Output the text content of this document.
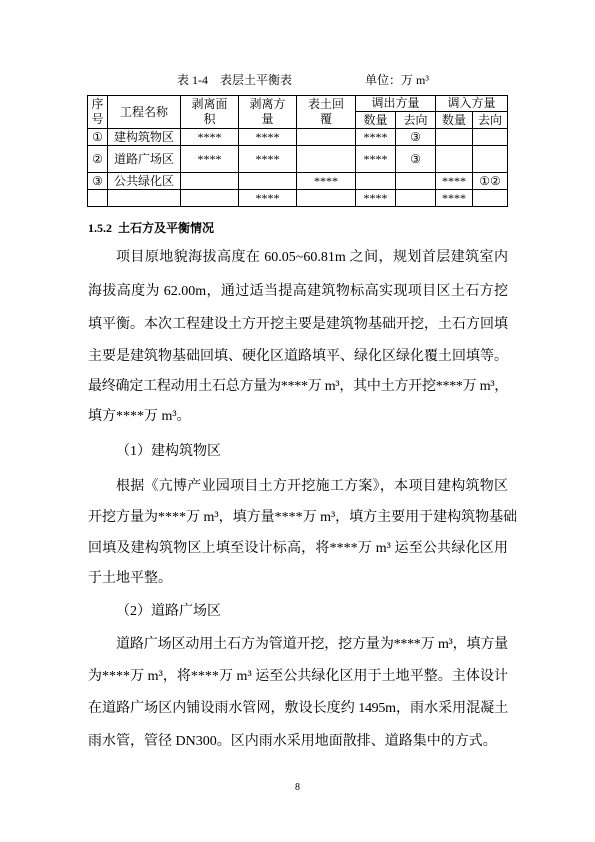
表 1-4　表层土平衡表	单位：万 m³
序号	工程名称	剥离面积	剥离方量	表土回覆	调出方量		调入方量	
					数量	去向	数量	去向
①	建构筑物区	****	****		****	③		
②	道路广场区	****	****		****	③		
③	公共绿化区			****			****	①②
			****		****		****	
1.5.2 土石方及平衡情况
项目原地貌海拔高度在 60.05~60.81m 之间，规划首层建筑室内
海拔高度为 62.00m，通过适当提高建筑物标高实现项目区土石方挖
填平衡。本次工程建设土方开挖主要是建筑物基础开挖，土石方回填
主要是建筑物基础回填、硬化区道路填平、绿化区绿化覆土回填等。
最终确定工程动用土石总方量为****万 m³，其中土方开挖****万 m³，
填方****万 m³。
（1）建构筑物区
根据《亢博产业园项目土方开挖施工方案》，本项目建构筑物区
开挖方量为****万 m³，填方量****万 m³，填方主要用于建构筑物基础
回填及建构筑物区上填至设计标高，将****万 m³ 运至公共绿化区用
于土地平整。
（2）道路广场区
道路广场区动用土石方为管道开挖，挖方量为****万 m³，填方量
为****万 m³，将****万 m³ 运至公共绿化区用于土地平整。主体设计
在道路广场区内铺设雨水管网，敷设长度约 1495m，雨水采用混凝土
雨水管，管径 DN300。区内雨水采用地面散排、道路集中的方式。
8
